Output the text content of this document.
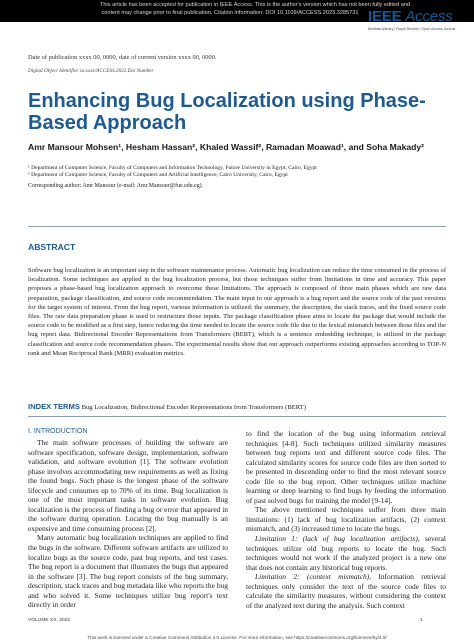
This article has been accepted for publication in IEEE Access. This is the author's version which has not been fully edited and
content may change prior to final publication. Citation information: DOI 10.1109/ACCESS.2023.3285731 IEEE Access
Multidisciplinary | Rapid Review | Open Access Journal
Date of publication xxxx 00, 0000, date of current version xxxx 00, 0000.
Digital Object Identifier xx.xxxx/ACCESS.2022.Doi Number
Enhancing Bug Localization using Phase-Based Approach
Amr Mansour Mohsen¹, Hesham Hassan², Khaled Wassif², Ramadan Moawad¹, and Soha Makady²
¹ Department of Computer Science, Faculty of Computers and Information Technology, Future University in Egypt, Cairo, Egypt
² Department of Computer Science, Faculty of Computers and Artificial Intelligence, Cairo University, Cairo, Egypt
Corresponding author: Amr Mansour (e-mail: Amr.Mansour@fue.edu.eg).
ABSTRACT
Software bug localization is an important step in the software maintenance process. Automatic bug localization can reduce the time consumed in the process of localization. Some techniques are applied in the bug localization process, but those techniques suffer from limitations in time and accuracy. This paper proposes a phase-based bug localization approach to overcome these limitations. The approach is composed of three main phases which are raw data preparation, package classification, and source code recommendation. The main input to our approach is a bug report and the source code of the past versions for the target system of interest. From the bug report, various information is utilized: the summary, the description, the stack traces, and the fixed source code files. The raw data preparation phase is used to restructure those inputs. The package classification phase aims to locate the package that would include the source code to be modified as a first step, hence reducing the time needed to locate the source code file due to the lexical mismatch between those files and the bug report data. Bidirectional Encoder Representations from Transformers (BERT), which is a sentence embedding technique, is utilized in the package classification and source code recommendation phases. The experimental results show that our approach outperforms existing approaches according to TOP-N rank and Mean Reciprocal Rank (MRR) evaluation metrics.
INDEX TERMS Bug Localization, Bidirectional Encoder Representations from Transformers (BERT)
I. INTRODUCTION

The main software processes of building the software are software specification, software design, implementation, software validation, and software evolution [1]. The software evolution phase involves accommodating new requirements as well as fixing the found bugs. Such phase is the longest phase of the software lifecycle and consumes up to 70% of its time. Bug localization is one of the most important tasks in software evolution. Bug localization is the process of finding a bug or error that appeared in the software during operation. Locating the bug manually is an expensive and time consuming process [2].

Many automatic bug localization techniques are applied to find the bugs in the software. Different software artifacts are utilized to localize bugs as the source code, past bug reports, and test cases. The bug report is a document that illustrates the bugs that appeared in the software [3]. The bug report consists of the bug summary, description, stack traces and bug metadata like who reports the bug and who solved it. Some techniques utilize bug report's text directly in order

to find the location of the bug using information retrieval techniques [4-8]. Such techniques utilized similarity measures between bug reports text and different source code files. The calculated similarity scores for source code files are then sorted to be presented in descending order to find the most relevant source code file to the bug report. Other techniques utilize machine learning or deep learning to find bugs by feeding the information of past solved bugs for training the model [9-14].

The above mentioned techniques suffer from three main limitations: (1) lack of bug localization artifacts, (2) context mismatch, and (3) increased time to locate the bugs.

Limitation 1: (lack of bug localization artifacts), several techniques utilize old bug reports to locate the bug. Such techniques would not work if the analyzed project is a new one that does not contain any historical bug reports.

Limitation 2: (context mismatch), Information retrieval techniques only consider the text of the source code files to calculate the similarity measures, without considering the context of the analyzed text during the analysis. Such context

VOLUME XX, 2022	1
This work is licensed under a Creative Commons Attribution 4.0 License. For more information, see https://creativecommons.org/licenses/by/4.0/
